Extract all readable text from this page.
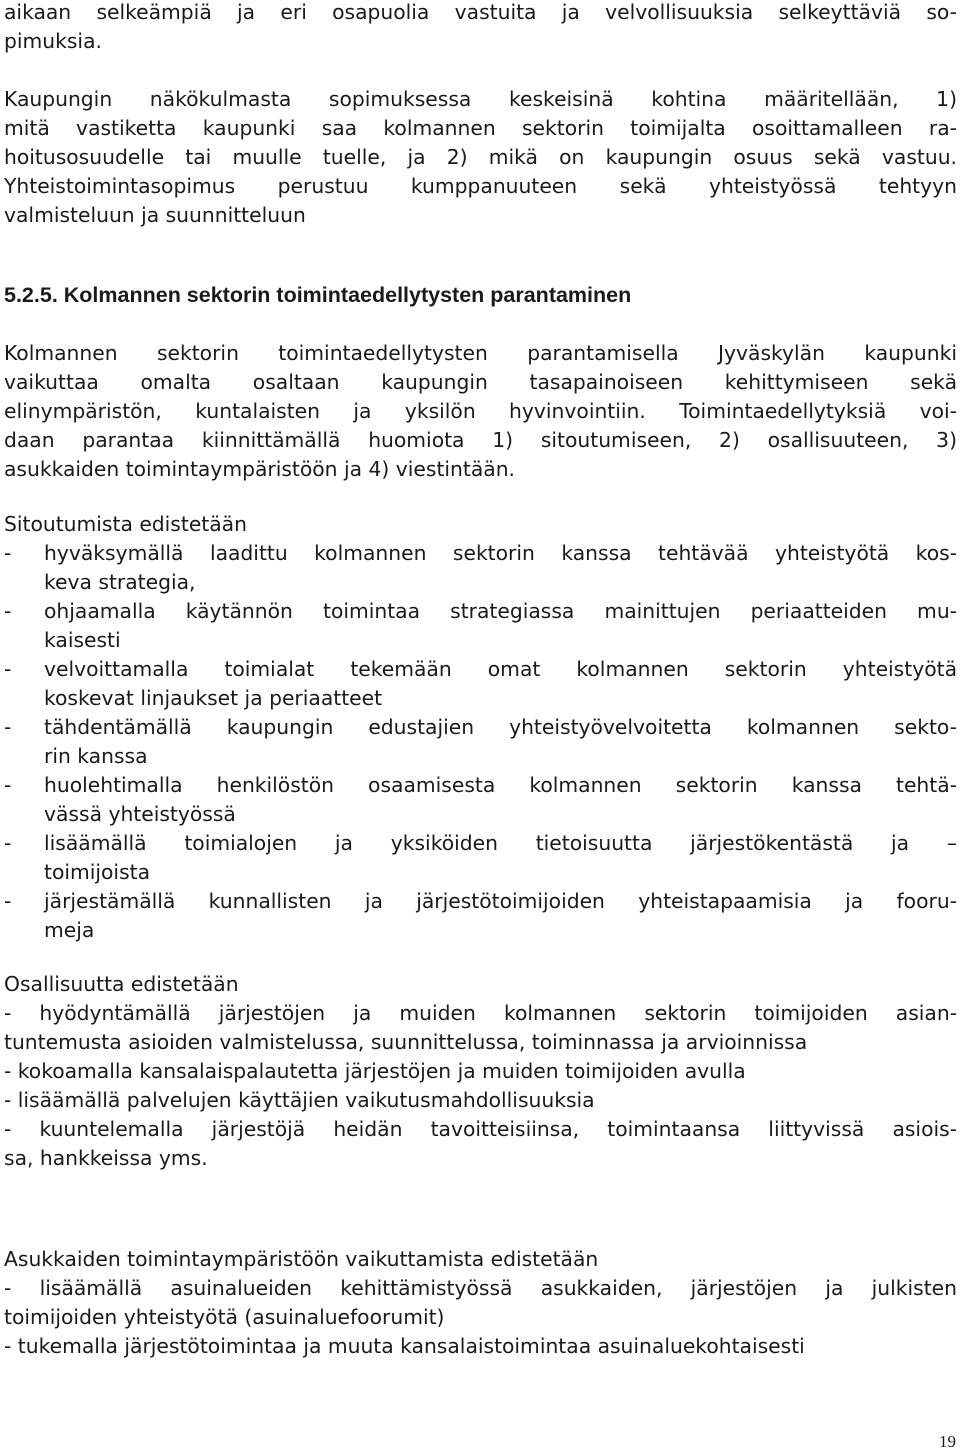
aikaan selkeämpiä ja eri osapuolia vastuita ja velvollisuuksia selkeyttäviä so-
pimuksia.

Kaupungin näkökulmasta sopimuksessa keskeisinä kohtina määritellään, 1)
mitä vastiketta kaupunki saa kolmannen sektorin toimijalta osoittamalleen ra-
hoitusosuudelle tai muulle tuelle, ja 2) mikä on kaupungin osuus sekä vastuu.
Yhteistoimintasopimus perustuu kumppanuuteen sekä yhteistyössä tehtyyn
valmisteluun ja suunnitteluun

5.2.5. Kolmannen sektorin toimintaedellytysten parantaminen

Kolmannen sektorin toimintaedellytysten parantamisella Jyväskylän kaupunki
vaikuttaa omalta osaltaan kaupungin tasapainoiseen kehittymiseen sekä
elinympäristön, kuntalaisten ja yksilön hyvinvointiin. Toimintaedellytyksiä voi-
daan parantaa kiinnittämällä huomiota 1) sitoutumiseen, 2) osallisuuteen, 3)
asukkaiden toimintaympäristöön ja 4) viestintään.

Sitoutumista edistetään

- hyväksymällä laadittu kolmannen sektorin kanssa tehtävää yhteistyötä kos-
keva strategia,
- ohjaamalla käytännön toimintaa strategiassa mainittujen periaatteiden mu-
kaisesti
- velvoittamalla toimialat tekemään omat kolmannen sektorin yhteistyötä
koskevat linjaukset ja periaatteet
- tähdentämällä kaupungin edustajien yhteistyövelvoitetta kolmannen sekto-
rin kanssa
- huolehtimalla henkilöstön osaamisesta kolmannen sektorin kanssa tehtä-
vässä yhteistyössä
- lisäämällä toimialojen ja yksiköiden tietoisuutta järjestökentästä ja –
toimijoista
- järjestämällä kunnallisten ja järjestötoimijoiden yhteistapaamisia ja fooru-
meja

Osallisuutta edistetään

- hyödyntämällä järjestöjen ja muiden kolmannen sektorin toimijoiden asian-
tuntemusta asioiden valmistelussa, suunnittelussa, toiminnassa ja arvioinnissa
- kokoamalla kansalaispalautetta järjestöjen ja muiden toimijoiden avulla
- lisäämällä palvelujen käyttäjien vaikutusmahdollisuuksia
- kuuntelemalla järjestöjä heidän tavoitteisiinsa, toimintaansa liittyvissä asiois-
sa, hankkeissa yms.

Asukkaiden toimintaympäristöön vaikuttamista edistetään

- lisäämällä asuinalueiden kehittämistyössä asukkaiden, järjestöjen ja julkisten
toimijoiden yhteistyötä (asuinaluefoorumit)
- tukemalla järjestötoimintaa ja muuta kansalaistoimintaa asuinaluekohtaisesti
19
